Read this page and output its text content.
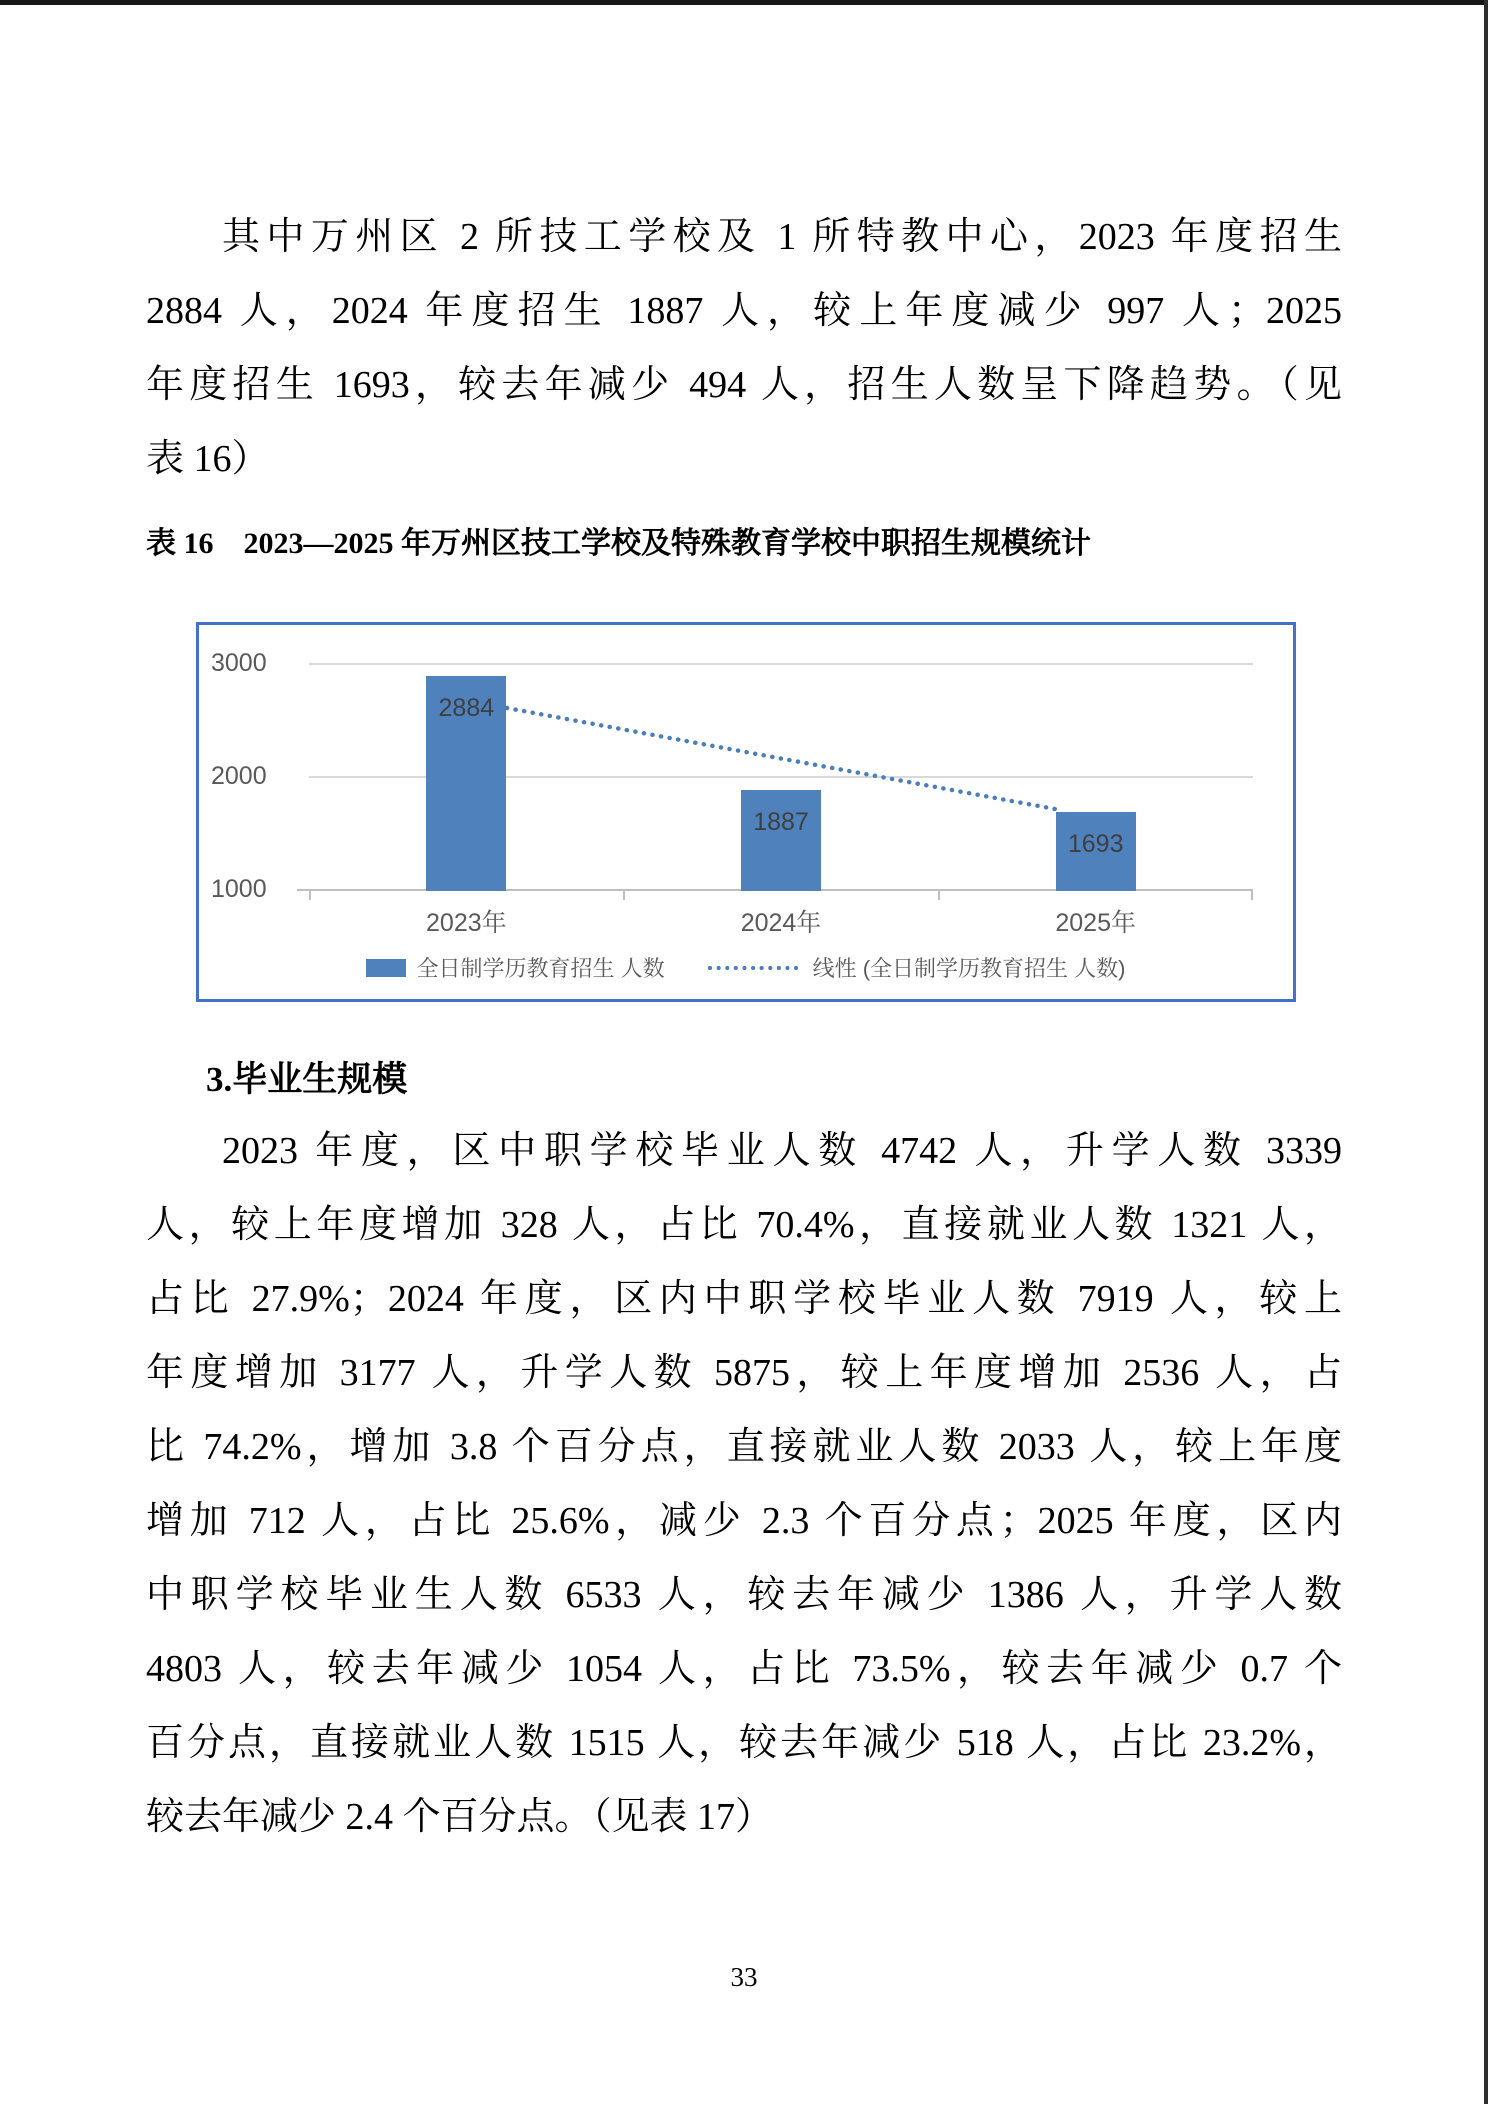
其中万州区 2 所技工学校及 1 所特教中心，2023 年度招生
2884 人，2024 年度招生 1887 人，较上年度减少 997 人；2025
年度招生 1693，较去年减少 494 人，招生人数呈下降趋势。（见
表 16）
表 16　2023—2025 年万州区技工学校及特殊教育学校中职招生规模统计
3000
2000
1000
2884
1887
1693
2023年	2024年	2025年
全日制学历教育招生 人数	线性 (全日制学历教育招生 人数)
3.毕业生规模
2023 年度，区中职学校毕业人数 4742 人，升学人数 3339
人，较上年度增加 328 人，占比 70.4%，直接就业人数 1321 人，
占比 27.9%；2024 年度，区内中职学校毕业人数 7919 人，较上
年度增加 3177 人，升学人数 5875，较上年度增加 2536 人，占
比 74.2%，增加 3.8 个百分点，直接就业人数 2033 人，较上年度
增加 712 人，占比 25.6%，减少 2.3 个百分点；2025 年度，区内
中职学校毕业生人数 6533 人，较去年减少 1386 人，升学人数
4803 人，较去年减少 1054 人，占比 73.5%，较去年减少 0.7 个
百分点，直接就业人数 1515 人，较去年减少 518 人，占比 23.2%，
较去年减少 2.4 个百分点。（见表 17）
33
